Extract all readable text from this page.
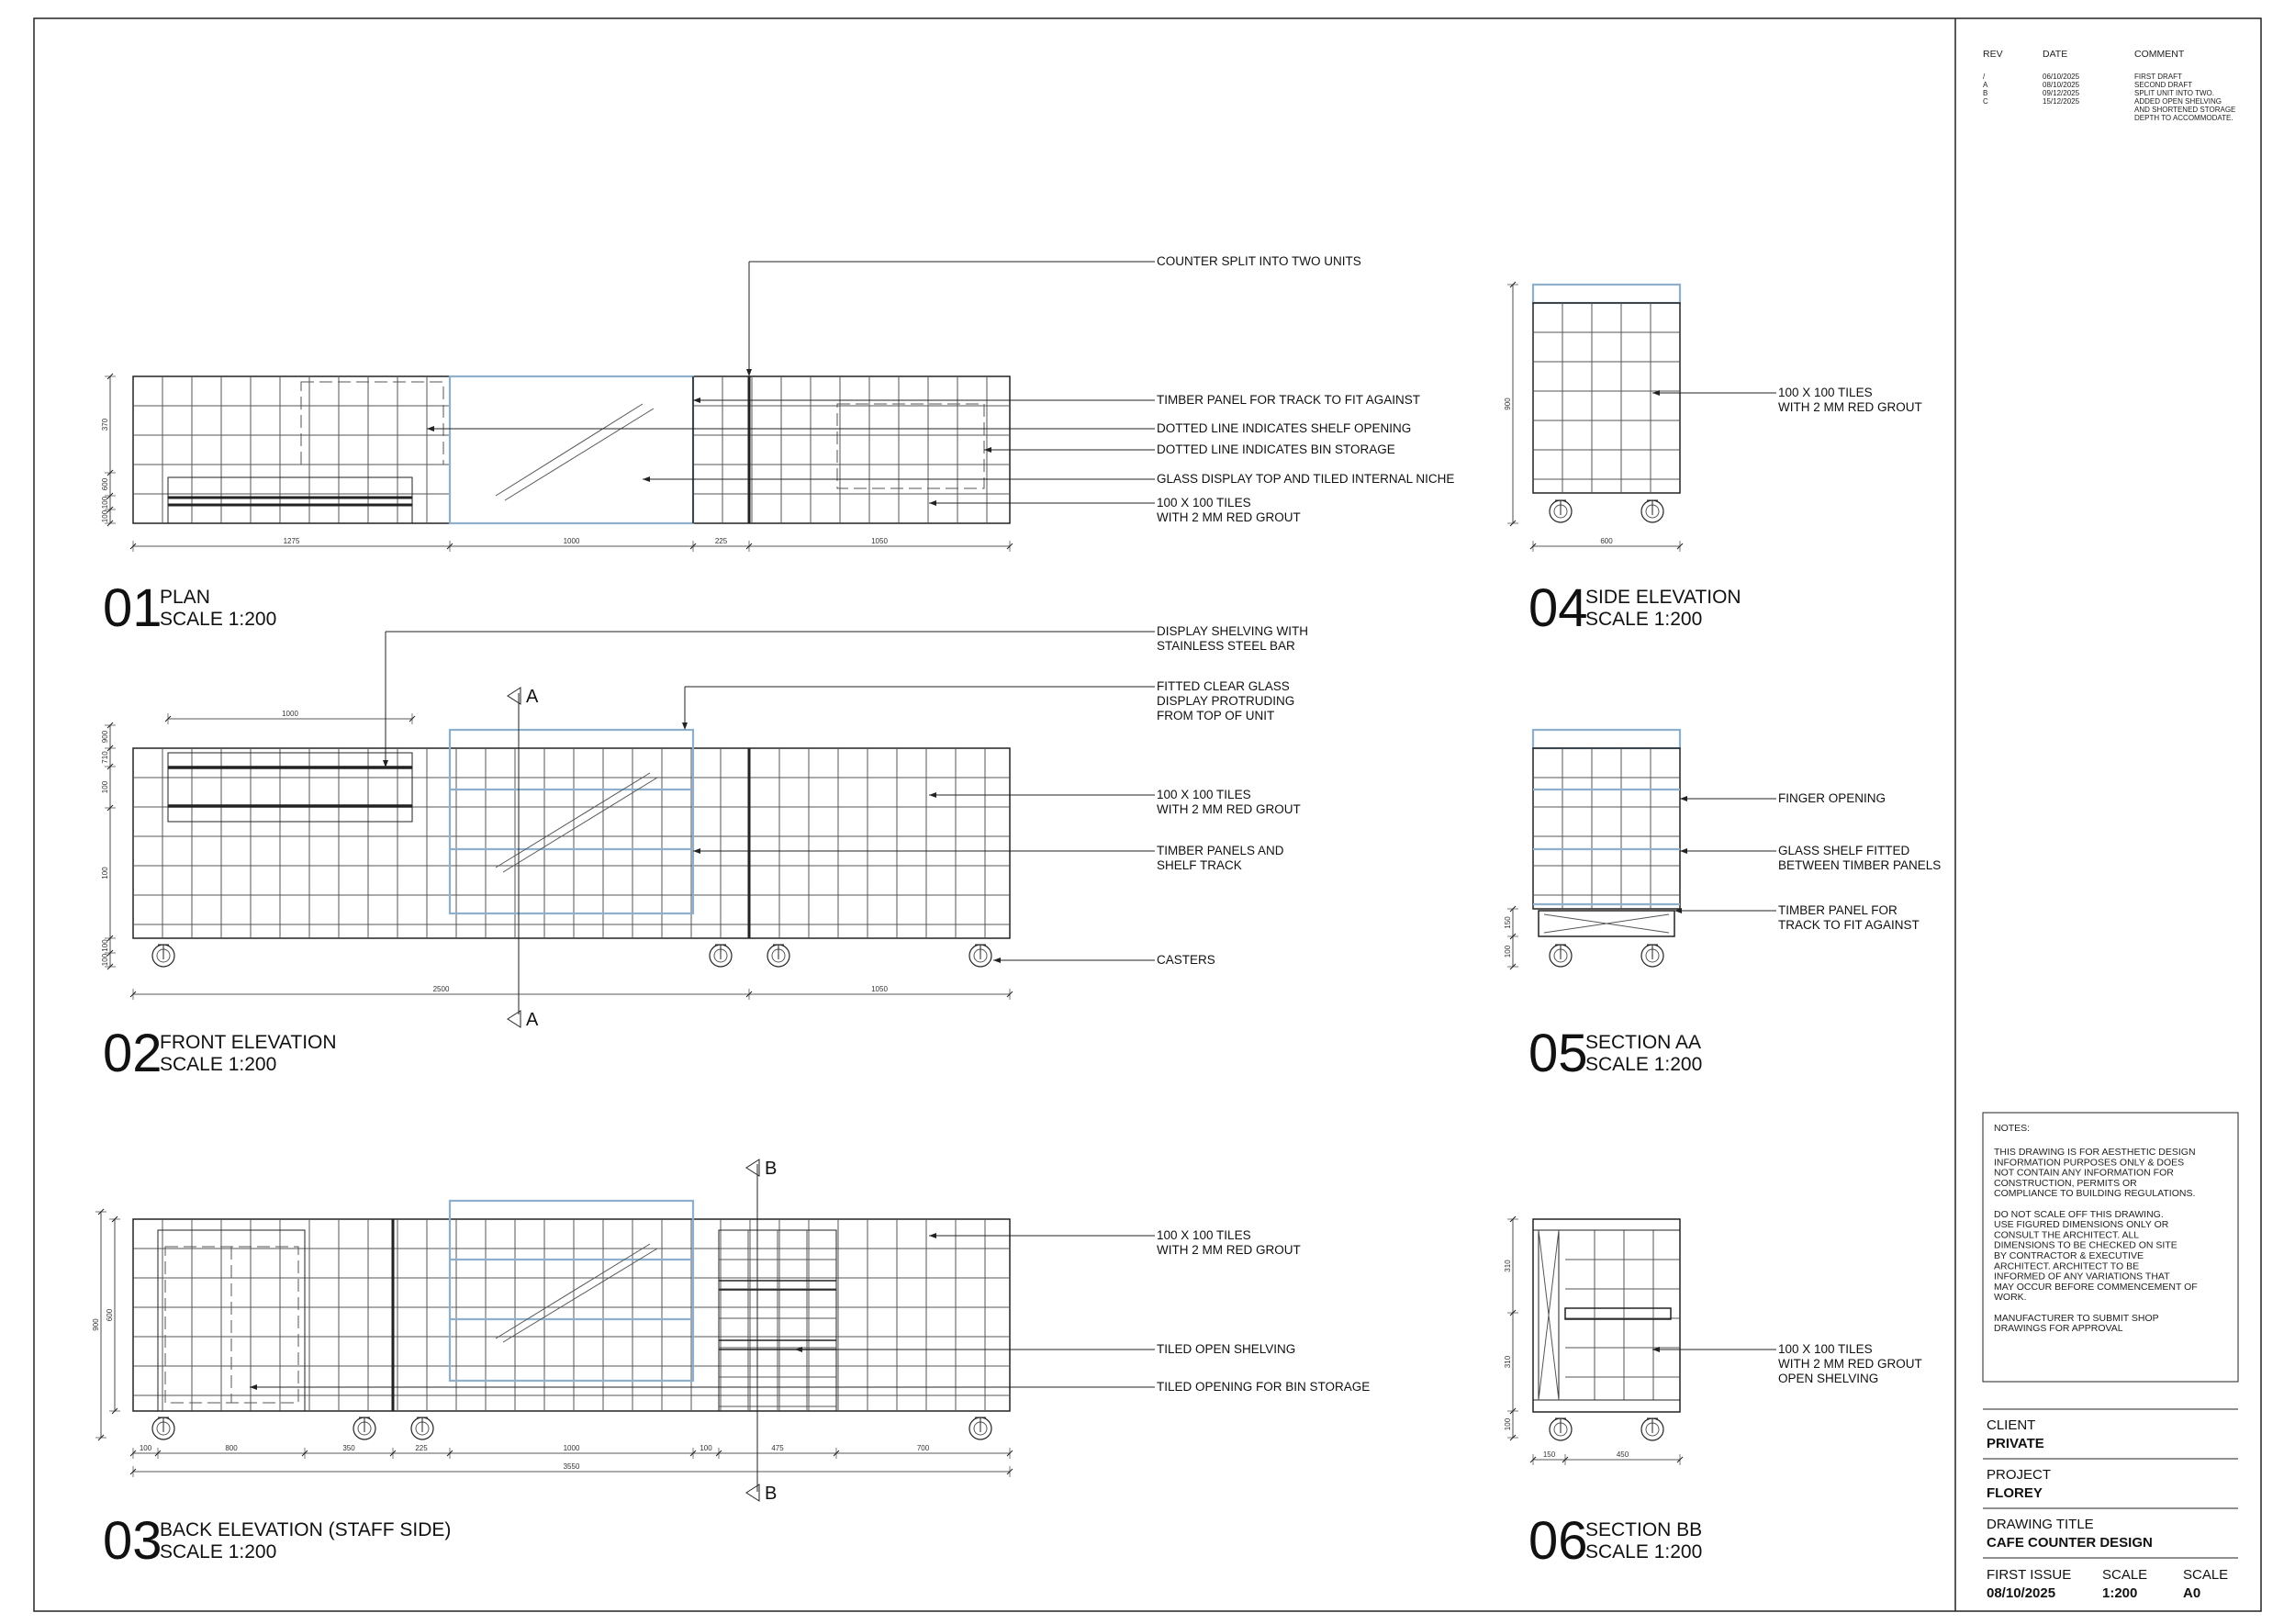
1275	1000	225	1050
370
600
100
100
1000
900
710
100
100
100
100
2500	1050
900
600
100	800	350	225	1000	100	475	700
3550
900
600
150
100
310
310
100
150	450
COUNTER SPLIT INTO TWO UNITS
TIMBER PANEL FOR TRACK TO FIT AGAINST
DOTTED LINE INDICATES SHELF OPENING
DOTTED LINE INDICATES BIN STORAGE
GLASS DISPLAY TOP AND TILED INTERNAL NICHE
100 X 100 TILES
WITH 2 MM RED GROUT
01
PLAN
SCALE 1:200
A
A
DISPLAY SHELVING WITH
STAINLESS STEEL BAR
FITTED CLEAR GLASS
DISPLAY PROTRUDING
FROM TOP OF UNIT
100 X 100 TILES
WITH 2 MM RED GROUT
TIMBER PANELS AND
SHELF TRACK
CASTERS
02
FRONT ELEVATION
SCALE 1:200
B
B
100 X 100 TILES
WITH 2 MM RED GROUT
TILED OPEN SHELVING
TILED OPENING FOR BIN STORAGE
03
BACK ELEVATION (STAFF SIDE)
SCALE 1:200
100 X 100 TILES
WITH 2 MM RED GROUT
04
SIDE ELEVATION
SCALE 1:200
FINGER OPENING
GLASS SHELF FITTED
BETWEEN TIMBER PANELS
TIMBER PANEL FOR
TRACK TO FIT AGAINST
05
SECTION AA
SCALE 1:200
100 X 100 TILES
WITH 2 MM RED GROUT
OPEN SHELVING
06
SECTION BB
SCALE 1:200
REV	DATE	COMMENT
/	06/10/2025	FIRST DRAFT
A	08/10/2025	SECOND DRAFT
B	09/12/2025	SPLIT UNIT INTO TWO.
C	15/12/2025	ADDED OPEN SHELVING
AND SHORTENED STORAGE
DEPTH TO ACCOMMODATE.
NOTES:
THIS DRAWING IS FOR AESTHETIC DESIGN
INFORMATION PURPOSES ONLY & DOES
NOT CONTAIN ANY INFORMATION FOR
CONSTRUCTION, PERMITS OR
COMPLIANCE TO BUILDING REGULATIONS.
DO NOT SCALE OFF THIS DRAWING.
USE FIGURED DIMENSIONS ONLY OR
CONSULT THE ARCHITECT. ALL
DIMENSIONS TO BE CHECKED ON SITE
BY CONTRACTOR & EXECUTIVE
ARCHITECT. ARCHITECT TO BE
INFORMED OF ANY VARIATIONS THAT
MAY OCCUR BEFORE COMMENCEMENT OF
WORK.
MANUFACTURER TO SUBMIT SHOP
DRAWINGS FOR APPROVAL
CLIENT
PRIVATE
PROJECT
FLOREY
DRAWING TITLE
CAFE COUNTER DESIGN
FIRST ISSUE
08/10/2025
SCALE
1:200
SCALE
A0
